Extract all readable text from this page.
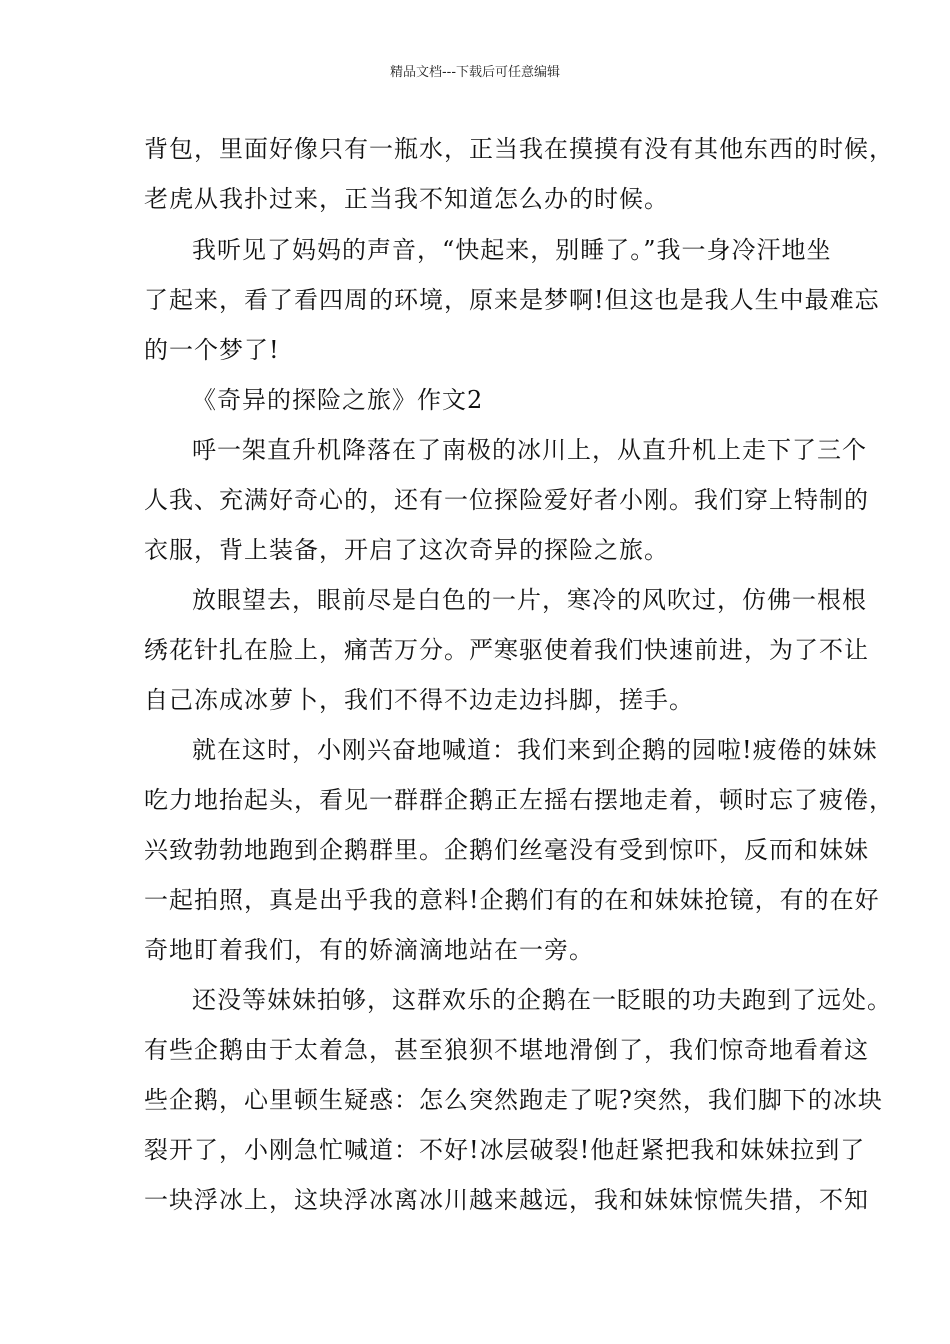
精品文档---下载后可任意编辑
背包，里面好像只有一瓶水，正当我在摸摸有没有其他东西的时候，
老虎从我扑过来，正当我不知道怎么办的时候。
我听见了妈妈的声音，“快起来，别睡了。”我一身冷汗地坐
了起来，看了看四周的环境，原来是梦啊!但这也是我人生中最难忘
的一个梦了!
《奇异的探险之旅》作文2
呼一架直升机降落在了南极的冰川上，从直升机上走下了三个
人我、充满好奇心的，还有一位探险爱好者小刚。我们穿上特制的
衣服，背上装备，开启了这次奇异的探险之旅。
放眼望去，眼前尽是白色的一片，寒冷的风吹过，仿佛一根根
绣花针扎在脸上，痛苦万分。严寒驱使着我们快速前进，为了不让
自己冻成冰萝卜，我们不得不边走边抖脚，搓手。
就在这时，小刚兴奋地喊道：我们来到企鹅的园啦!疲倦的妹妹
吃力地抬起头，看见一群群企鹅正左摇右摆地走着，顿时忘了疲倦，
兴致勃勃地跑到企鹅群里。企鹅们丝毫没有受到惊吓，反而和妹妹
一起拍照，真是出乎我的意料!企鹅们有的在和妹妹抢镜，有的在好
奇地盯着我们，有的娇滴滴地站在一旁。
还没等妹妹拍够，这群欢乐的企鹅在一眨眼的功夫跑到了远处。
有些企鹅由于太着急，甚至狼狈不堪地滑倒了，我们惊奇地看着这
些企鹅，心里顿生疑惑：怎么突然跑走了呢?突然，我们脚下的冰块
裂开了，小刚急忙喊道：不好!冰层破裂!他赶紧把我和妹妹拉到了
一块浮冰上，这块浮冰离冰川越来越远，我和妹妹惊慌失措，不知
